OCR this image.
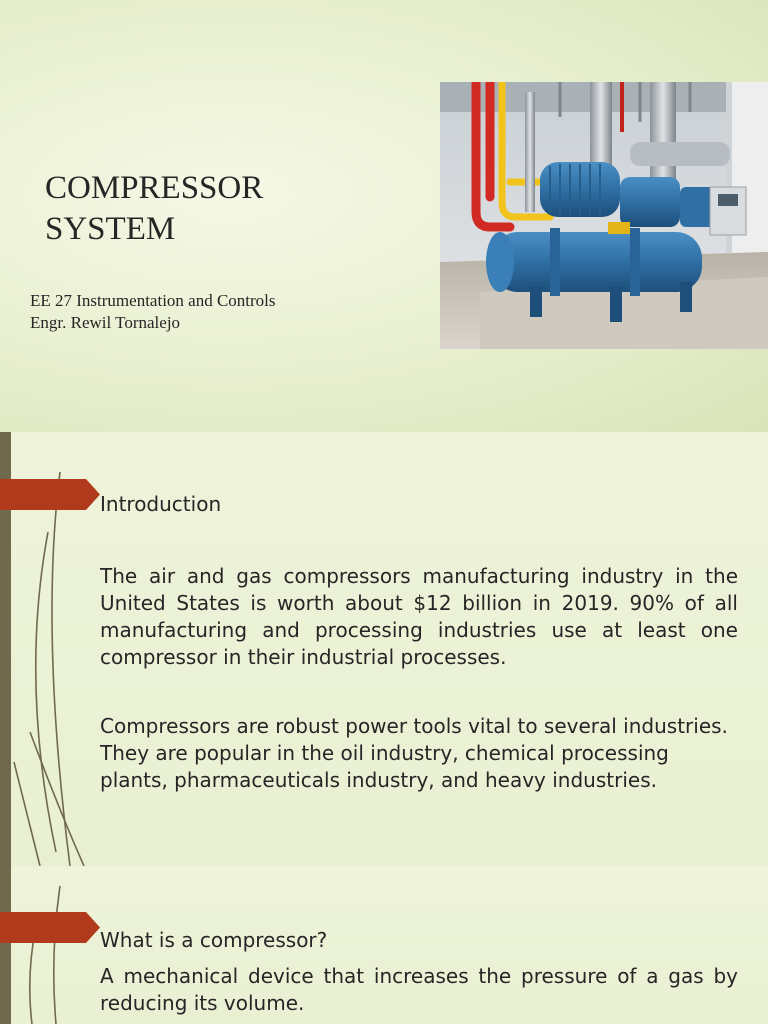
COMPRESSOR
SYSTEM
EE 27 Instrumentation and Controls
Engr. Rewil Tornalejo
Introduction

The air and gas compressors manufacturing industry in the United States is worth about $12 billion in 2019. 90% of all manufacturing and processing industries use at least one compressor in their industrial processes.

Compressors are robust power tools vital to several industries. They are popular in the oil industry, chemical processing plants, pharmaceuticals industry, and heavy industries.

What is a compressor?

A mechanical device that increases the pressure of a gas by reducing its volume.
